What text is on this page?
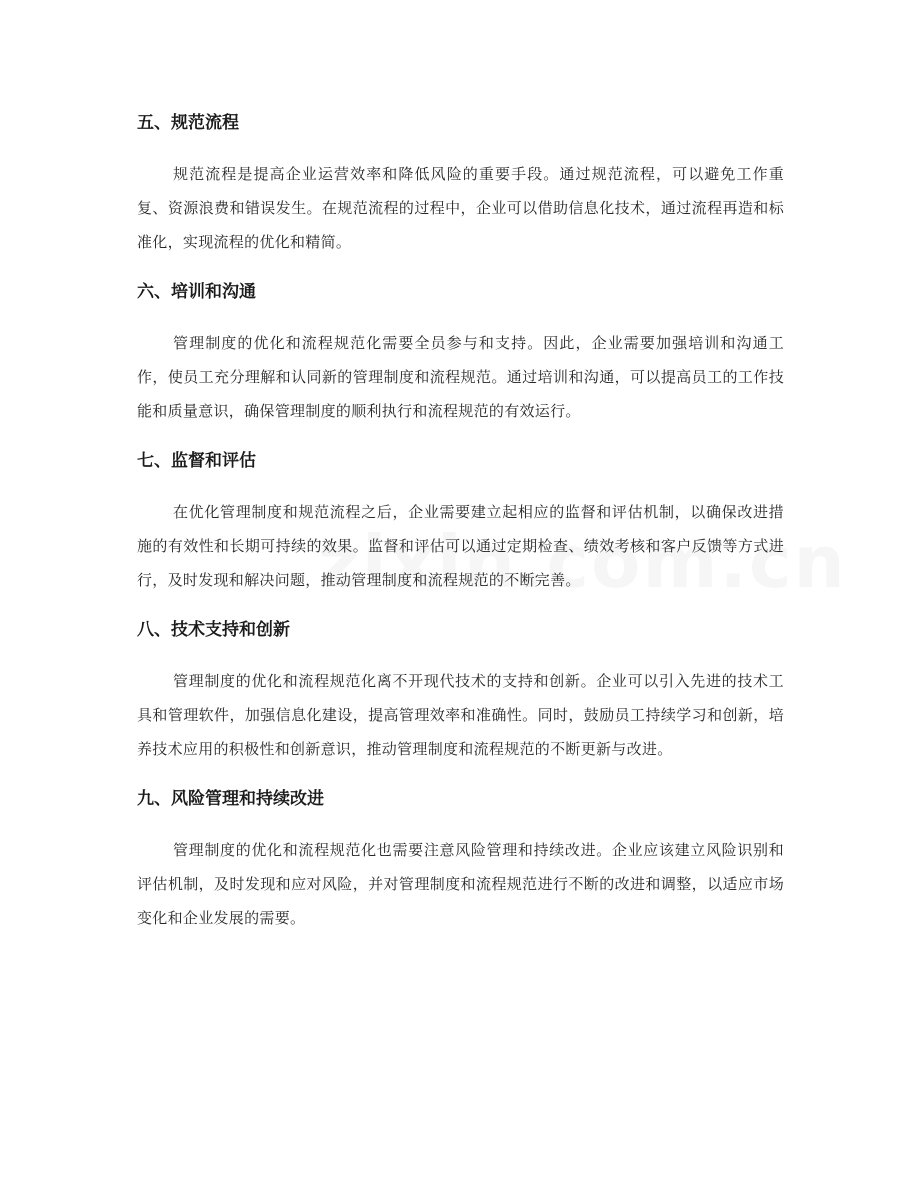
五、规范流程

规范流程是提高企业运营效率和降低风险的重要手段。通过规范流程，可以避免工作重复、资源浪费和错误发生。在规范流程的过程中，企业可以借助信息化技术，通过流程再造和标准化，实现流程的优化和精简。

六、培训和沟通

管理制度的优化和流程规范化需要全员参与和支持。因此，企业需要加强培训和沟通工作，使员工充分理解和认同新的管理制度和流程规范。通过培训和沟通，可以提高员工的工作技能和质量意识，确保管理制度的顺利执行和流程规范的有效运行。

七、监督和评估

在优化管理制度和规范流程之后，企业需要建立起相应的监督和评估机制，以确保改进措施的有效性和长期可持续的效果。监督和评估可以通过定期检查、绩效考核和客户反馈等方式进行，及时发现和解决问题，推动管理制度和流程规范的不断完善。

八、技术支持和创新

管理制度的优化和流程规范化离不开现代技术的支持和创新。企业可以引入先进的技术工具和管理软件，加强信息化建设，提高管理效率和准确性。同时，鼓励员工持续学习和创新，培养技术应用的积极性和创新意识，推动管理制度和流程规范的不断更新与改进。

九、风险管理和持续改进

管理制度的优化和流程规范化也需要注意风险管理和持续改进。企业应该建立风险识别和评估机制，及时发现和应对风险，并对管理制度和流程规范进行不断的改进和调整，以适应市场变化和企业发展的需要。
